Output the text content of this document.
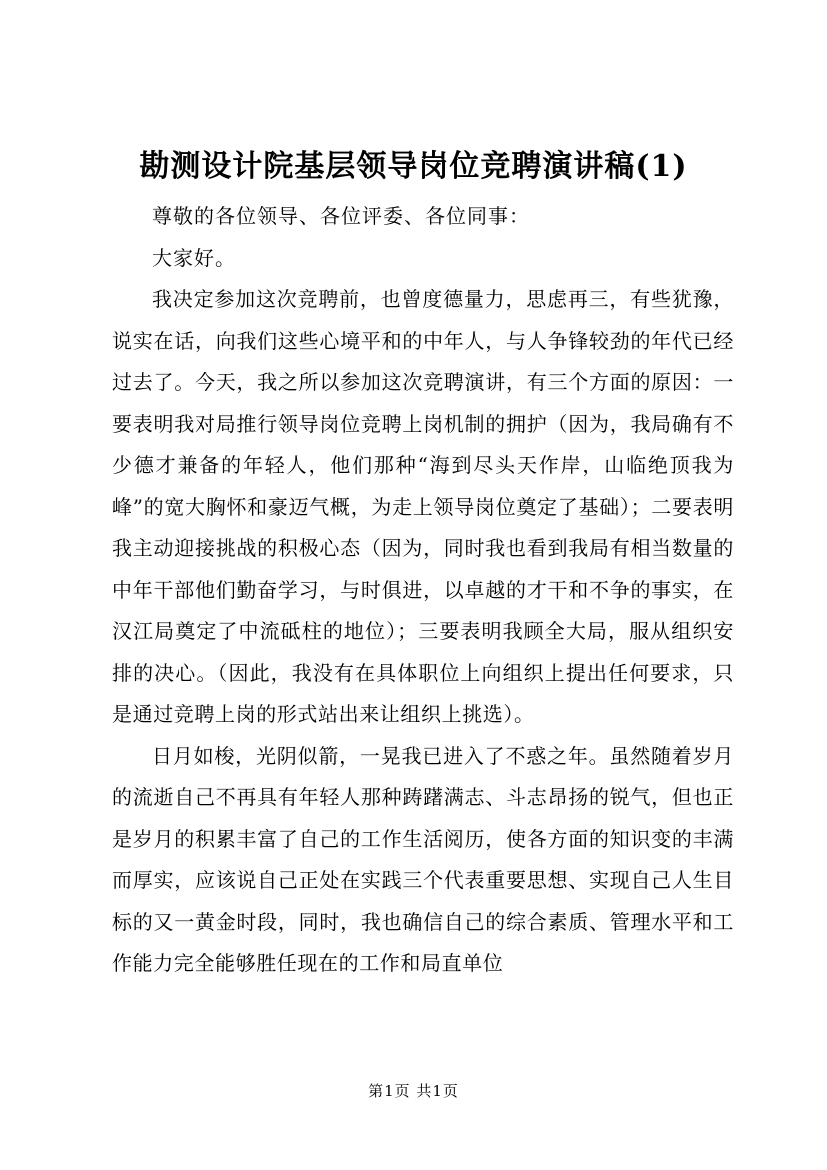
勘测设计院基层领导岗位竞聘演讲稿(1)

尊敬的各位领导、各位评委、各位同事：

大家好。

我决定参加这次竞聘前，也曾度德量力，思虑再三，有些犹豫，说实在话，向我们这些心境平和的中年人，与人争锋较劲的年代已经过去了。今天，我之所以参加这次竞聘演讲，有三个方面的原因：一要表明我对局推行领导岗位竞聘上岗机制的拥护（因为，我局确有不少德才兼备的年轻人，他们那种“海到尽头天作岸，山临绝顶我为峰”的宽大胸怀和豪迈气概，为走上领导岗位奠定了基础）；二要表明我主动迎接挑战的积极心态（因为，同时我也看到我局有相当数量的中年干部他们勤奋学习，与时俱进，以卓越的才干和不争的事实，在汉江局奠定了中流砥柱的地位）；三要表明我顾全大局，服从组织安排的决心。（因此，我没有在具体职位上向组织上提出任何要求，只是通过竞聘上岗的形式站出来让组织上挑选）。

日月如梭，光阴似箭，一晃我已进入了不惑之年。虽然随着岁月的流逝自己不再具有年轻人那种踌躇满志、斗志昂扬的锐气，但也正是岁月的积累丰富了自己的工作生活阅历，使各方面的知识变的丰满而厚实，应该说自己正处在实践三个代表重要思想、实现自己人生目标的又一黄金时段，同时，我也确信自己的综合素质、管理水平和工作能力完全能够胜任现在的工作和局直单位

第1页 共1页
